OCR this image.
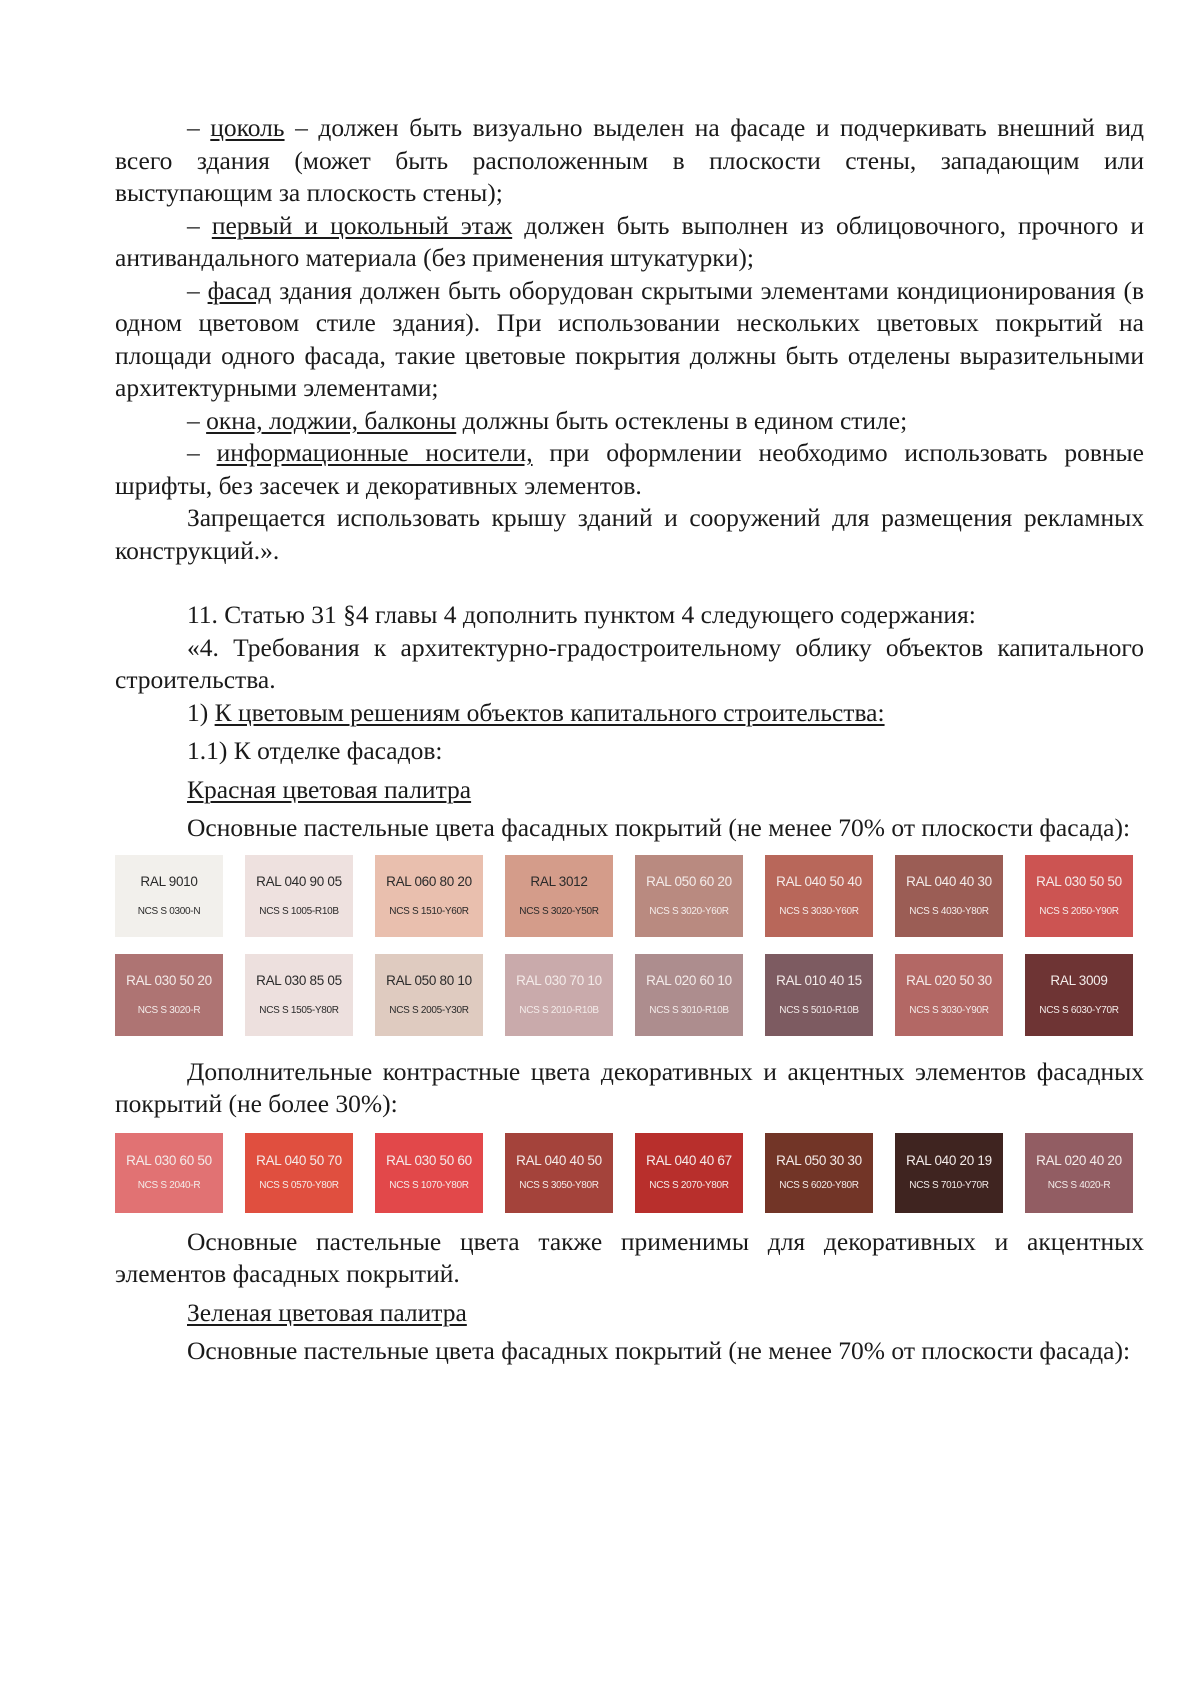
– цоколь – должен быть визуально выделен на фасаде и подчеркивать внешний вид всего здания (может быть расположенным в плоскости стены, западающим или выступающим за плоскость стены);

– первый и цокольный этаж должен быть выполнен из облицовочного, прочного и антивандального материала (без применения штукатурки);

– фасад здания должен быть оборудован скрытыми элементами кондиционирования (в одном цветовом стиле здания). При использовании нескольких цветовых покрытий на площади одного фасада, такие цветовые покрытия должны быть отделены выразительными архитектурными элементами;

– окна, лоджии, балконы должны быть остеклены в едином стиле;

– информационные носители, при оформлении необходимо использовать ровные шрифты, без засечек и декоративных элементов.

Запрещается использовать крышу зданий и сооружений для размещения рекламных конструкций.».

11. Статью 31 §4 главы 4 дополнить пунктом 4 следующего содержания:

«4. Требования к архитектурно-градостроительному облику объектов капитального строительства.

1) К цветовым решениям объектов капитального строительства:

1.1) К отделке фасадов:

Красная цветовая палитра

Основные пастельные цвета фасадных покрытий (не менее 70% от плоскости фасада):

RAL 9010
NCS S 0300-N
RAL 040 90 05
NCS S 1005-R10B
RAL 060 80 20
NCS S 1510-Y60R
RAL 3012
NCS S 3020-Y50R
RAL 050 60 20
NCS S 3020-Y60R
RAL 040 50 40
NCS S 3030-Y60R
RAL 040 40 30
NCS S 4030-Y80R
RAL 030 50 50
NCS S 2050-Y90R
RAL 030 50 20
NCS S 3020-R
RAL 030 85 05
NCS S 1505-Y80R
RAL 050 80 10
NCS S 2005-Y30R
RAL 030 70 10
NCS S 2010-R10B
RAL 020 60 10
NCS S 3010-R10B
RAL 010 40 15
NCS S 5010-R10B
RAL 020 50 30
NCS S 3030-Y90R
RAL 3009
NCS S 6030-Y70R

Дополнительные контрастные цвета декоративных и акцентных элементов фасадных покрытий (не более 30%):

RAL 030 60 50
NCS S 2040-R
RAL 040 50 70
NCS S 0570-Y80R
RAL 030 50 60
NCS S 1070-Y80R
RAL 040 40 50
NCS S 3050-Y80R
RAL 040 40 67
NCS S 2070-Y80R
RAL 050 30 30
NCS S 6020-Y80R
RAL 040 20 19
NCS S 7010-Y70R
RAL 020 40 20
NCS S 4020-R

Основные пастельные цвета также применимы для декоративных и акцентных элементов фасадных покрытий.

Зеленая цветовая палитра

Основные пастельные цвета фасадных покрытий (не менее 70% от плоскости фасада):
